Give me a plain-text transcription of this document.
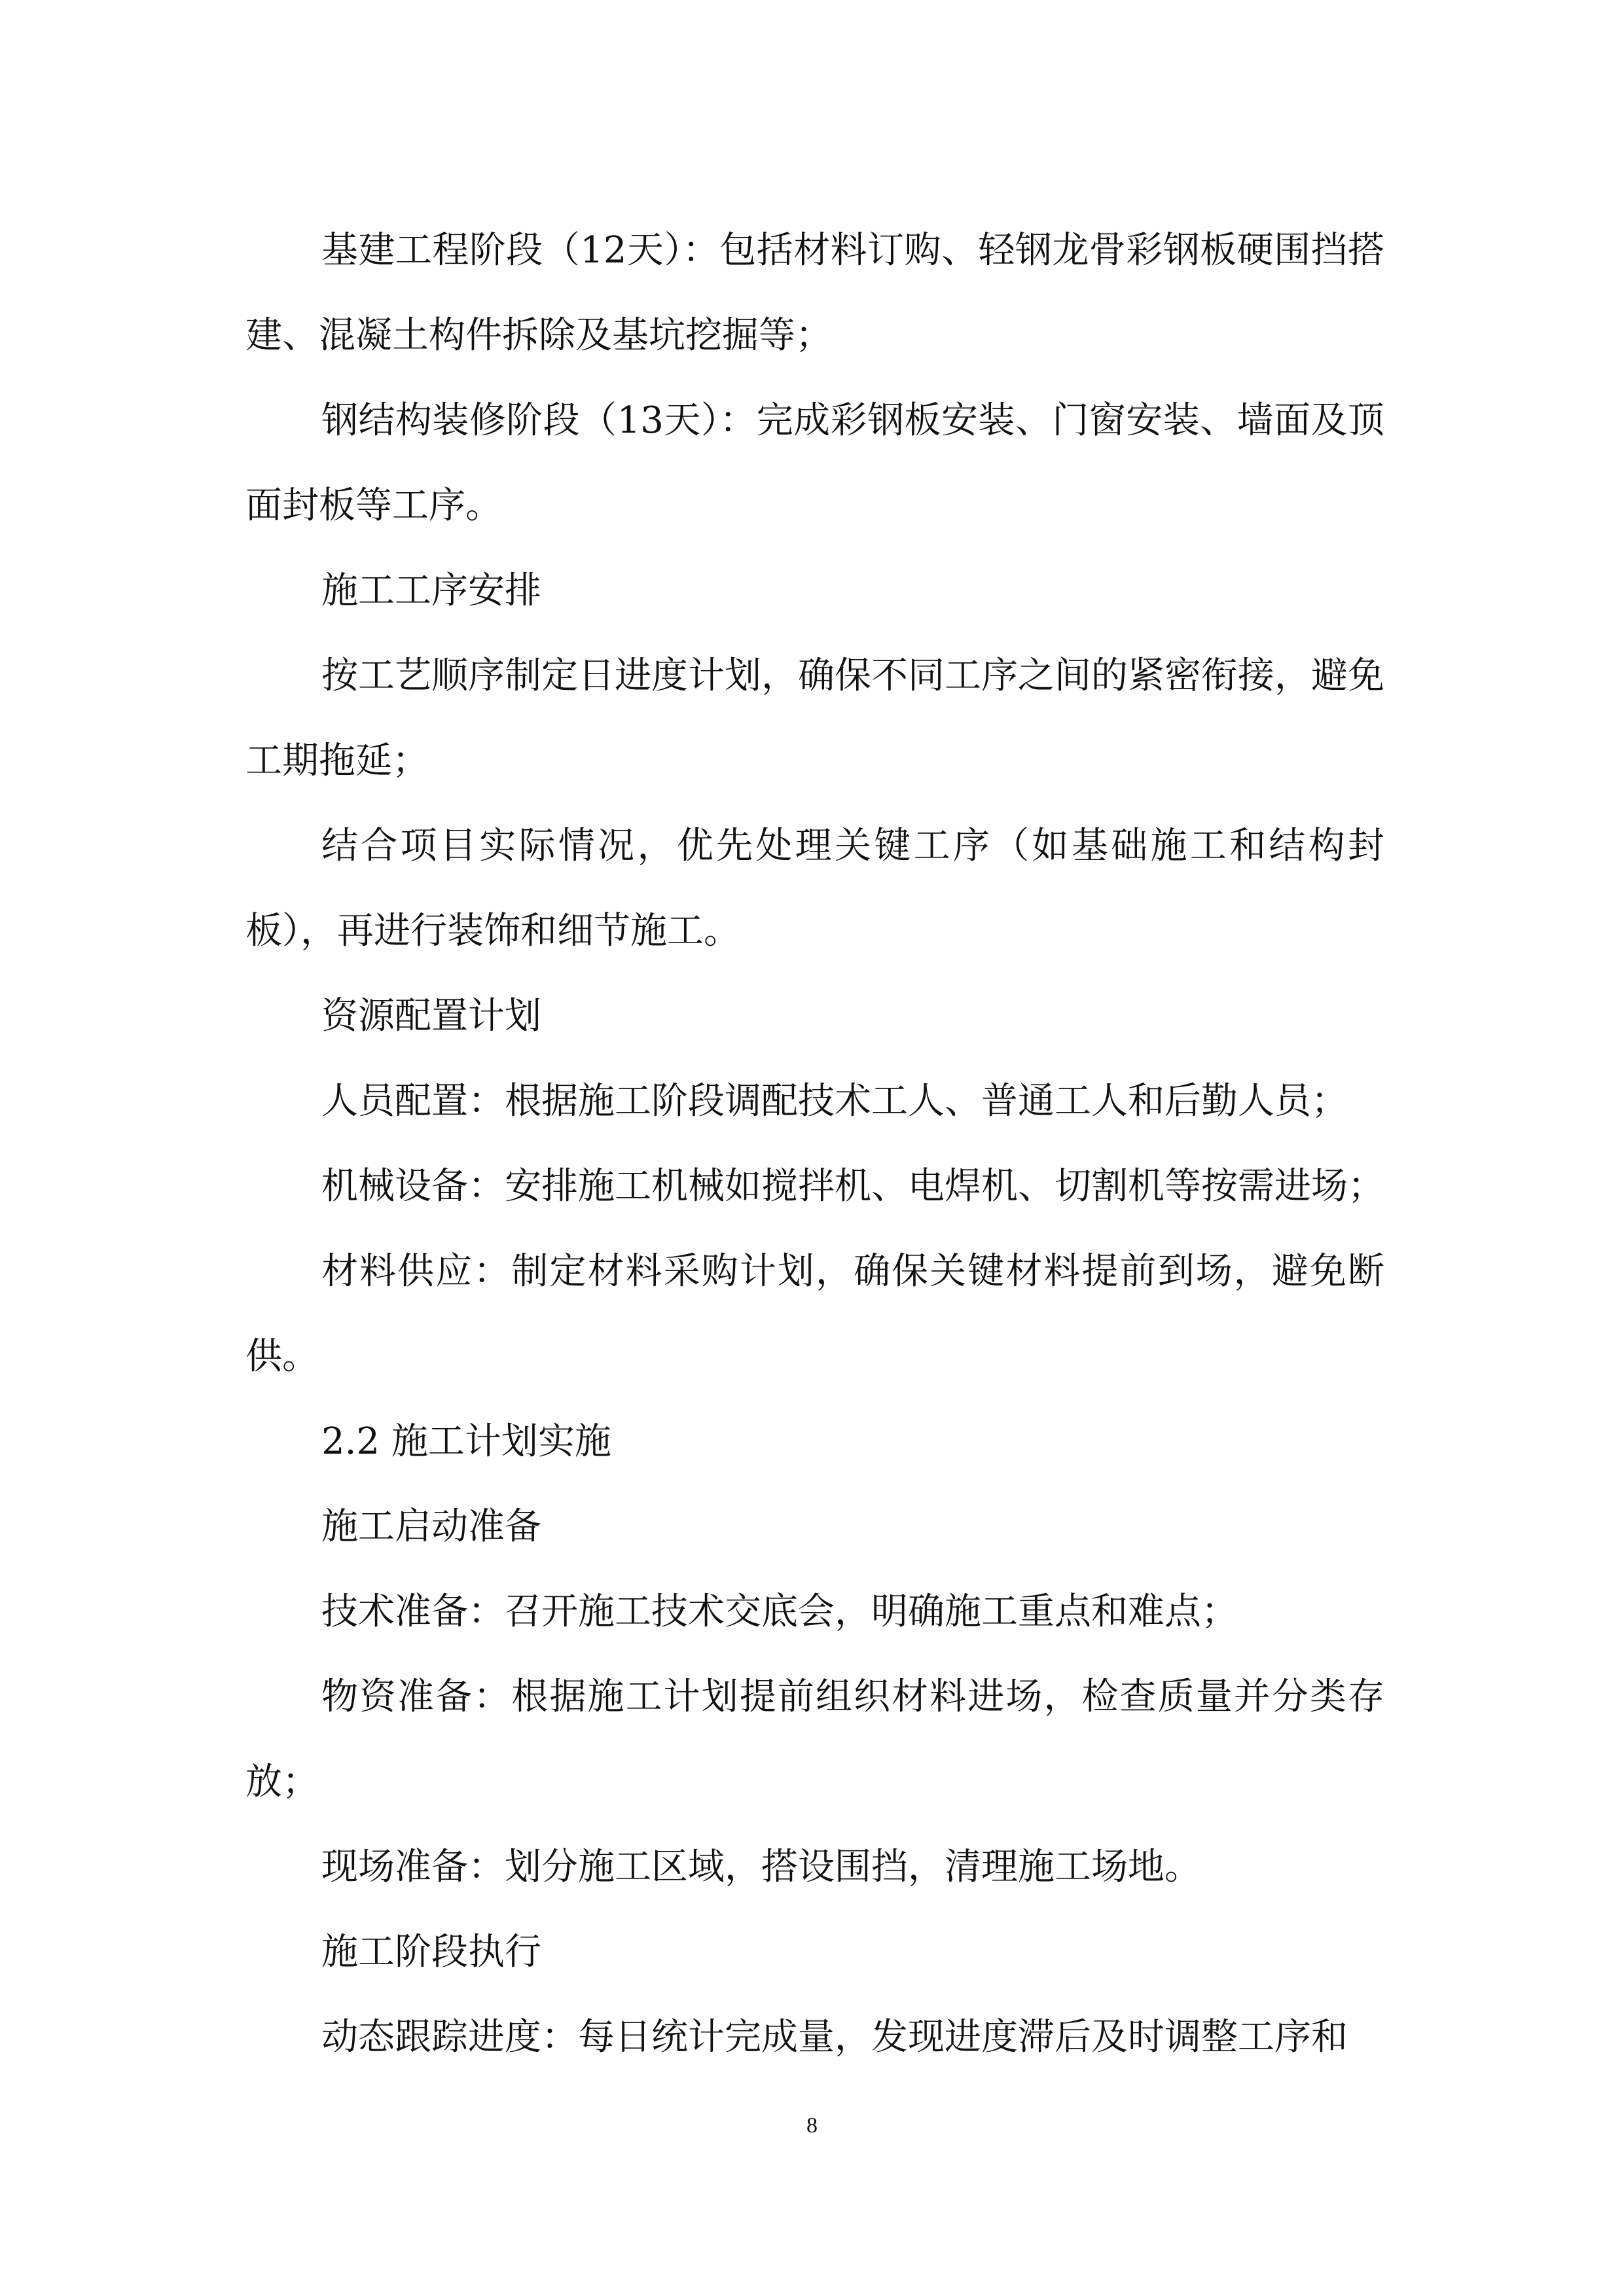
基建工程阶段（12天）：包括材料订购、轻钢龙骨彩钢板硬围挡搭建、混凝土构件拆除及基坑挖掘等；

钢结构装修阶段（13天）：完成彩钢板安装、门窗安装、墙面及顶面封板等工序。

施工工序安排

按工艺顺序制定日进度计划，确保不同工序之间的紧密衔接，避免工期拖延；

结合项目实际情况，优先处理关键工序（如基础施工和结构封板），再进行装饰和细节施工。

资源配置计划

人员配置：根据施工阶段调配技术工人、普通工人和后勤人员；

机械设备：安排施工机械如搅拌机、电焊机、切割机等按需进场；

材料供应：制定材料采购计划，确保关键材料提前到场，避免断供。

2.2 施工计划实施

施工启动准备

技术准备：召开施工技术交底会，明确施工重点和难点；

物资准备：根据施工计划提前组织材料进场，检查质量并分类存放；

现场准备：划分施工区域，搭设围挡，清理施工场地。

施工阶段执行

动态跟踪进度：每日统计完成量，发现进度滞后及时调整工序和

8
